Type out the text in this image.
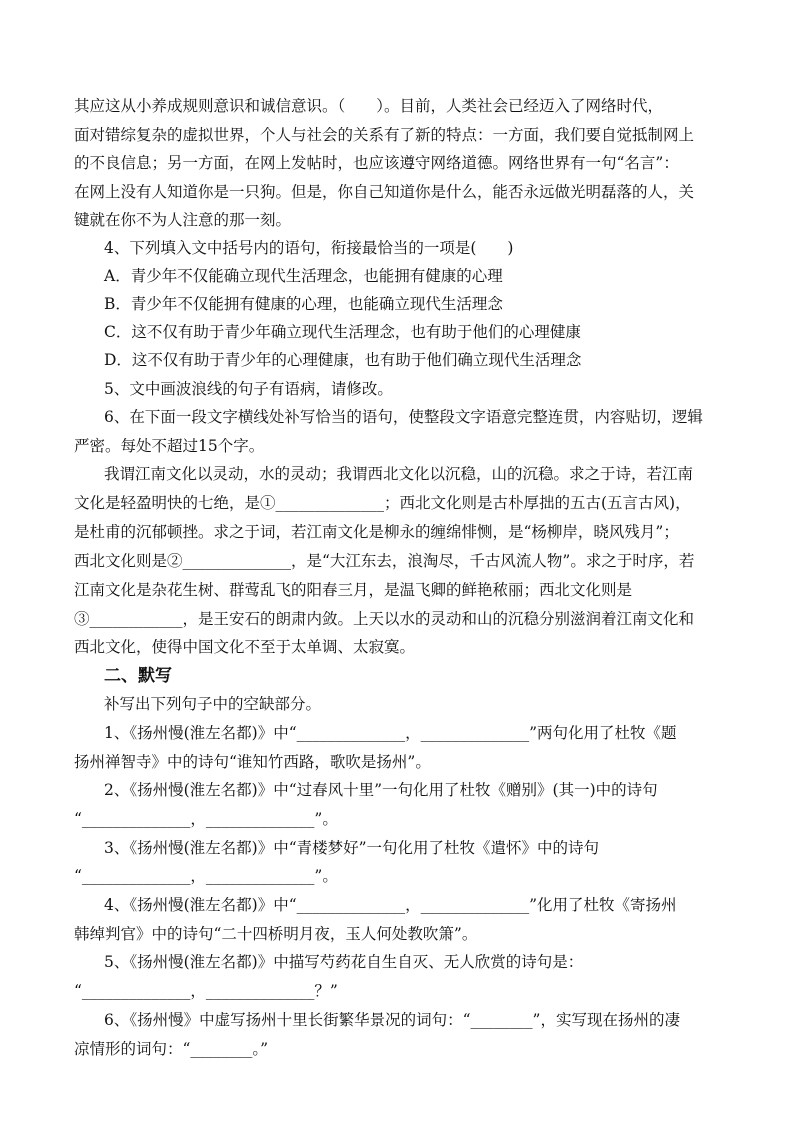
其应这从小养成规则意识和诚信意识。（　　）。目前，人类社会已经迈入了网络时代，

面对错综复杂的虚拟世界，个人与社会的关系有了新的特点：一方面，我们要自觉抵制网上

的不良信息；另一方面，在网上发帖时，也应该遵守网络道德。网络世界有一句“名言”：

在网上没有人知道你是一只狗。但是，你自己知道你是什么，能否永远做光明磊落的人，关

键就在你不为人注意的那一刻。

4、下列填入文中括号内的语句，衔接最恰当的一项是(　　)

A．青少年不仅能确立现代生活理念，也能拥有健康的心理

B．青少年不仅能拥有健康的心理，也能确立现代生活理念

C．这不仅有助于青少年确立现代生活理念，也有助于他们的心理健康

D．这不仅有助于青少年的心理健康，也有助于他们确立现代生活理念

5、文中画波浪线的句子有语病，请修改。

6、在下面一段文字横线处补写恰当的语句，使整段文字语意完整连贯，内容贴切，逻辑

严密。每处不超过15个字。

我谓江南文化以灵动，水的灵动；我谓西北文化以沉稳，山的沉稳。求之于诗，若江南

文化是轻盈明快的七绝，是①______________；西北文化则是古朴厚拙的五古(五言古风)，

是杜甫的沉郁顿挫。求之于词，若江南文化是柳永的缠绵悱恻，是“杨柳岸，晓风残月”；

西北文化则是②______________，是“大江东去，浪淘尽，千古风流人物”。求之于时序，若

江南文化是杂花生树、群莺乱飞的阳春三月，是温飞卿的鲜艳秾丽；西北文化则是

③____________，是王安石的朗肃内敛。上天以水的灵动和山的沉稳分别滋润着江南文化和

西北文化，使得中国文化不至于太单调、太寂寞。

二、默写

补写出下列句子中的空缺部分。

1、《扬州慢(淮左名都)》中“______________，______________”两句化用了杜牧《题

扬州禅智寺》中的诗句“谁知竹西路，歌吹是扬州”。

2、《扬州慢(淮左名都)》中“过春风十里”一句化用了杜牧《赠别》(其一)中的诗句

“______________，______________”。

3、《扬州慢(淮左名都)》中“青楼梦好”一句化用了杜牧《遣怀》中的诗句

“______________，______________”。

4、《扬州慢(淮左名都)》中“______________，______________”化用了杜牧《寄扬州

韩绰判官》中的诗句“二十四桥明月夜，玉人何处教吹箫”。

5、《扬州慢(淮左名都)》中描写芍药花自生自灭、无人欣赏的诗句是：

“______________，______________？”

6、《扬州慢》中虚写扬州十里长街繁华景况的词句：“________”，实写现在扬州的凄

凉情形的词句：“________。”
